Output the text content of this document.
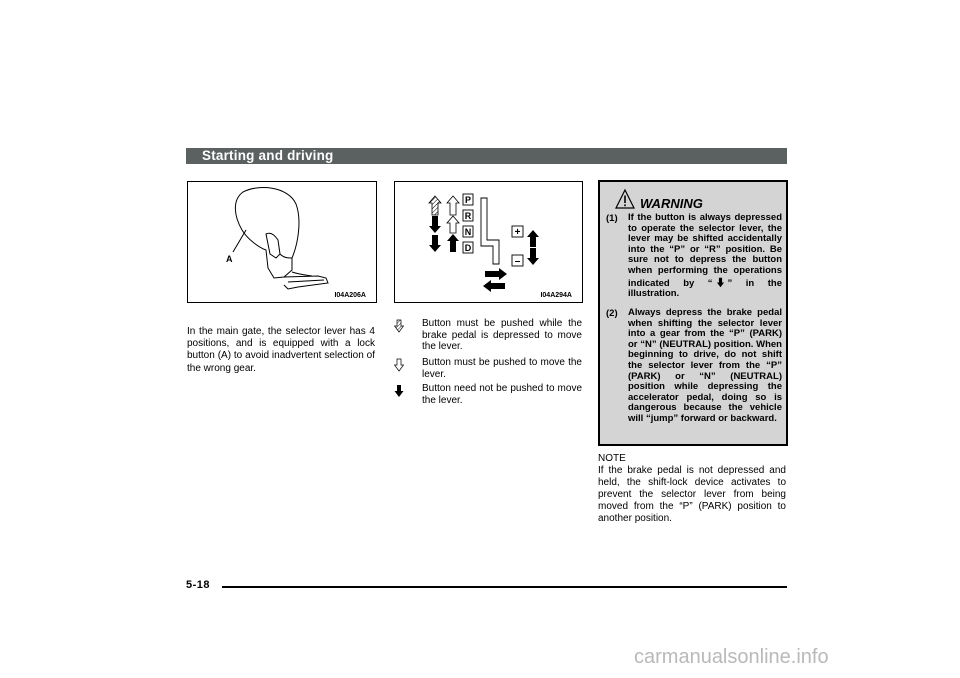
Starting and driving
A
I04A206A
P
R
N
D
+
–
I04A294A
In the main gate, the selector lever has 4 positions, and is equipped with a lock button (A) to avoid inadvertent selection of the wrong gear.
Button must be pushed while the brake pedal is depressed to move the lever.
Button must be pushed to move the lever.
Button need not be pushed to move the lever.
WARNING
(1) If the button is always depressed to operate the selector lever, the lever may be shifted accidentally into the “P” or “R” position. Be sure not to depress the button when performing the operations indicated by “ ” in the illustration.
(2) Always depress the brake pedal when shifting the selector lever into a gear from the “P” (PARK) or “N” (NEUTRAL) position. When beginning to drive, do not shift the selector lever from the “P” (PARK) or “N” (NEUTRAL) position while depressing the accelerator pedal, doing so is dangerous because the vehicle will “jump” forward or backward.
NOTE
If the brake pedal is not depressed and held, the shift-lock device activates to prevent the selector lever from being moved from the “P” (PARK) position to another position.
5-18
carmanualsonline.info
